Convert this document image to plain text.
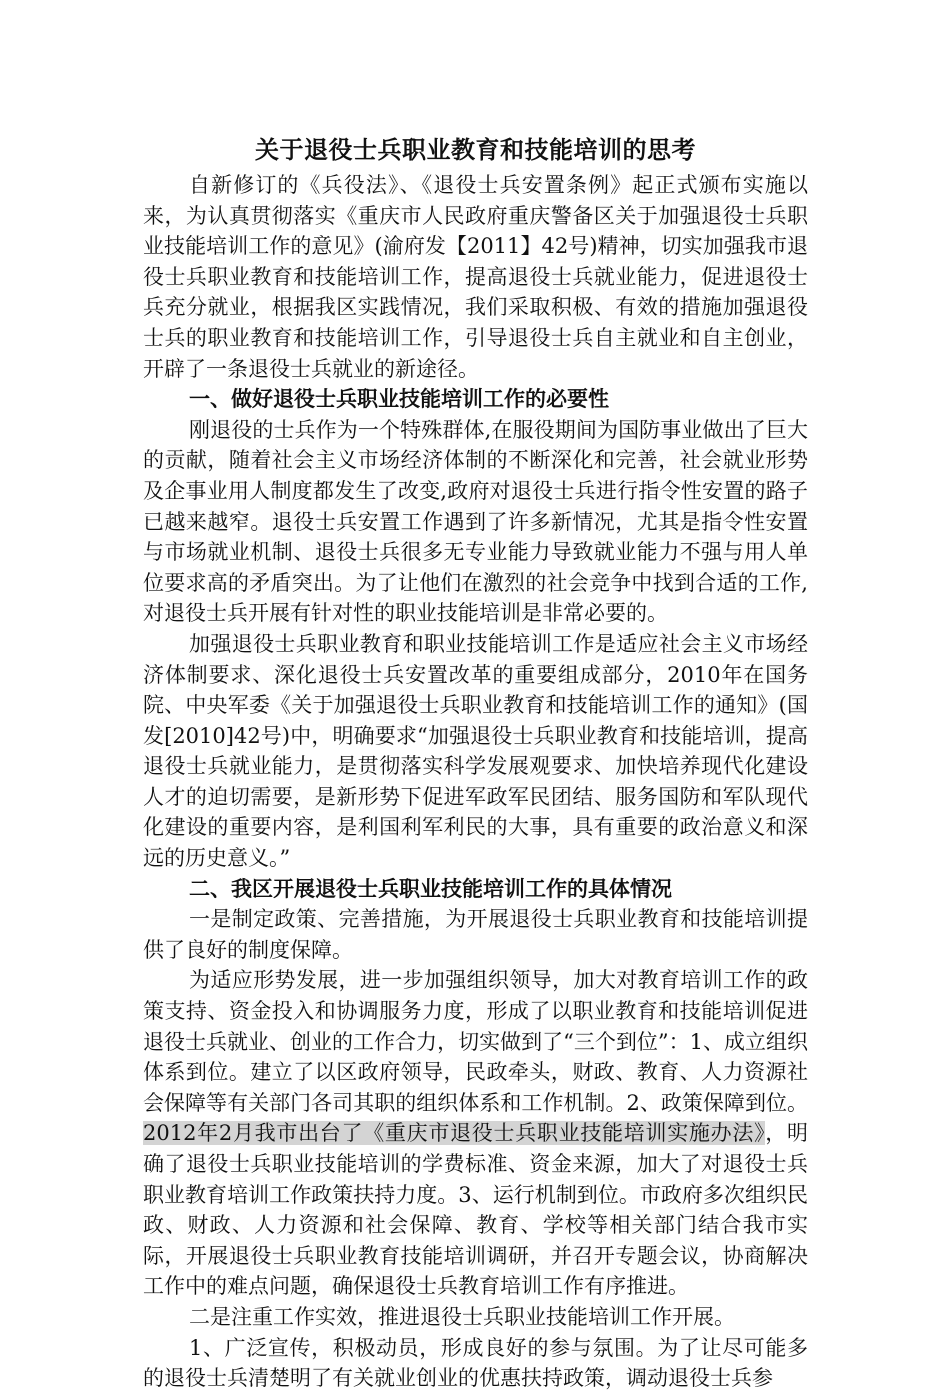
关于退役士兵职业教育和技能培训的思考

自新修订的《兵役法》、《退役士兵安置条例》起正式颁布实施以来，为认真贯彻落实《重庆市人民政府重庆警备区关于加强退役士兵职业技能培训工作的意见》(渝府发【2011】42号)精神，切实加强我市退役士兵职业教育和技能培训工作，提高退役士兵就业能力，促进退役士兵充分就业，根据我区实践情况，我们采取积极、有效的措施加强退役士兵的职业教育和技能培训工作，引导退役士兵自主就业和自主创业，开辟了一条退役士兵就业的新途径。

一、做好退役士兵职业技能培训工作的必要性

刚退役的士兵作为一个特殊群体,在服役期间为国防事业做出了巨大的贡献，随着社会主义市场经济体制的不断深化和完善，社会就业形势及企事业用人制度都发生了改变,政府对退役士兵进行指令性安置的路子已越来越窄。退役士兵安置工作遇到了许多新情况，尤其是指令性安置与市场就业机制、退役士兵很多无专业能力导致就业能力不强与用人单位要求高的矛盾突出。为了让他们在激烈的社会竞争中找到合适的工作,对退役士兵开展有针对性的职业技能培训是非常必要的。

加强退役士兵职业教育和职业技能培训工作是适应社会主义市场经济体制要求、深化退役士兵安置改革的重要组成部分，2010年在国务院、中央军委《关于加强退役士兵职业教育和技能培训工作的通知》(国发[2010]42号)中，明确要求“加强退役士兵职业教育和技能培训，提高退役士兵就业能力，是贯彻落实科学发展观要求、加快培养现代化建设人才的迫切需要，是新形势下促进军政军民团结、服务国防和军队现代化建设的重要内容，是利国利军利民的大事，具有重要的政治意义和深远的历史意义。”

二、我区开展退役士兵职业技能培训工作的具体情况

一是制定政策、完善措施，为开展退役士兵职业教育和技能培训提供了良好的制度保障。

为适应形势发展，进一步加强组织领导，加大对教育培训工作的政策支持、资金投入和协调服务力度，形成了以职业教育和技能培训促进退役士兵就业、创业的工作合力，切实做到了“三个到位”：1、成立组织体系到位。建立了以区政府领导，民政牵头，财政、教育、人力资源社会保障等有关部门各司其职的组织体系和工作机制。2、政策保障到位。2012年2月我市出台了《重庆市退役士兵职业技能培训实施办法》，明确了退役士兵职业技能培训的学费标准、资金来源，加大了对退役士兵职业教育培训工作政策扶持力度。3、运行机制到位。市政府多次组织民政、财政、人力资源和社会保障、教育、学校等相关部门结合我市实际，开展退役士兵职业教育技能培训调研，并召开专题会议，协商解决工作中的难点问题，确保退役士兵教育培训工作有序推进。

二是注重工作实效，推进退役士兵职业技能培训工作开展。

1、广泛宣传，积极动员，形成良好的参与氛围。为了让尽可能多的退役士兵清楚明了有关就业创业的优惠扶持政策，调动退役士兵参
